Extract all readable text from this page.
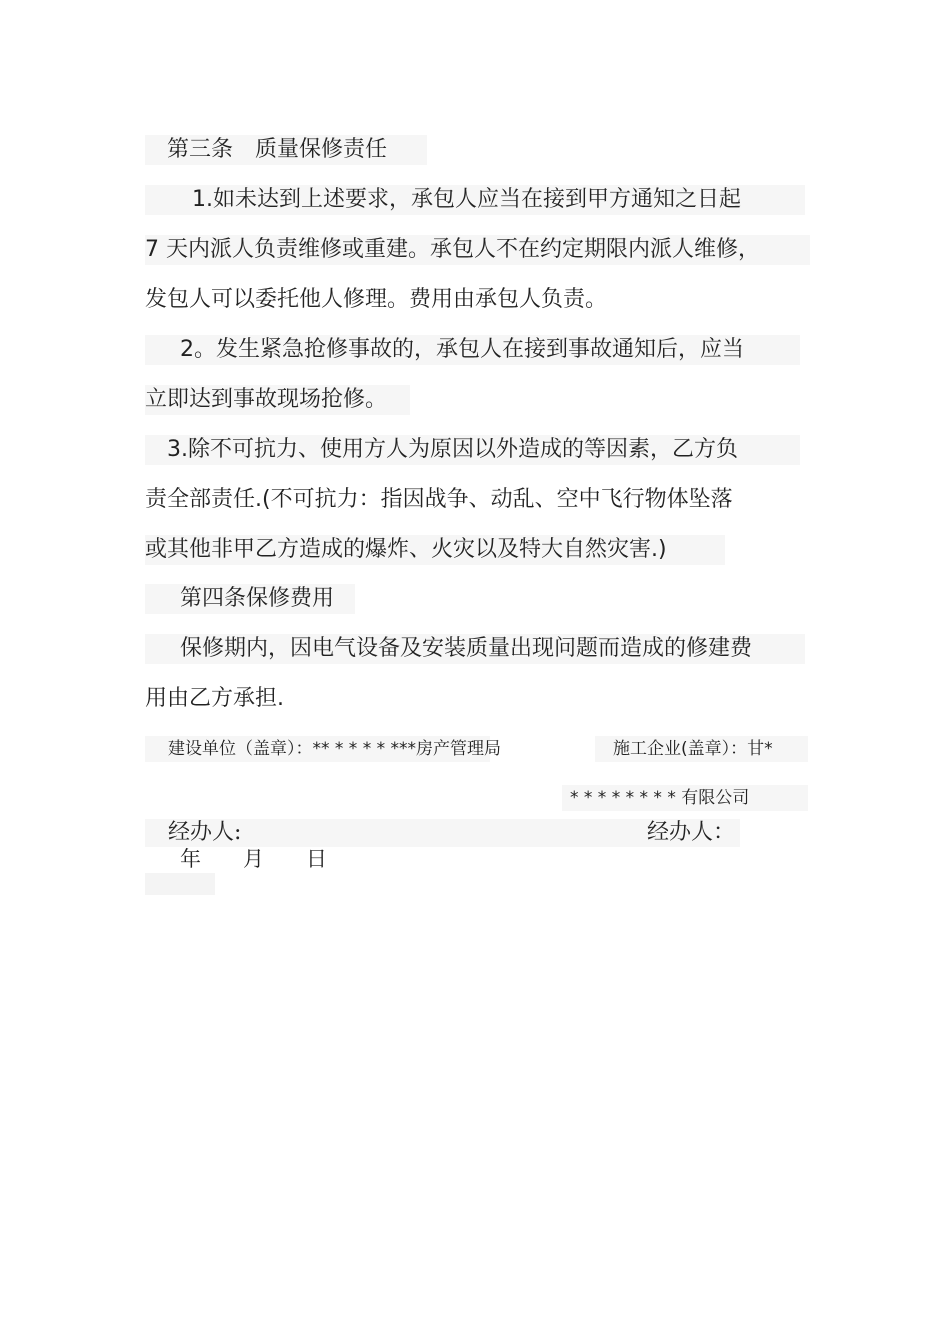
第三条　质量保修责任
1.如未达到上述要求，承包人应当在接到甲方通知之日起
7 天内派人负责维修或重建。承包人不在约定期限内派人维修，
发包人可以委托他人修理。费用由承包人负责。
2。发生紧急抢修事故的，承包人在接到事故通知后，应当
立即达到事故现场抢修。
3.除不可抗力、使用方人为原因以外造成的等因素，乙方负
责全部责任.(不可抗力：指因战争、动乱、空中飞行物体坠落
或其他非甲乙方造成的爆炸、火灾以及特大自然灾害.)
第四条保修费用
保修期内，因电气设备及安装质量出现问题而造成的修建费
用由乙方承担.
建设单位（盖章）：** * * * * ***房产管理局	施工企业(盖章）：甘*
* * * * * * * * 有限公司
经办人:	经办人：
年　　月　　日
